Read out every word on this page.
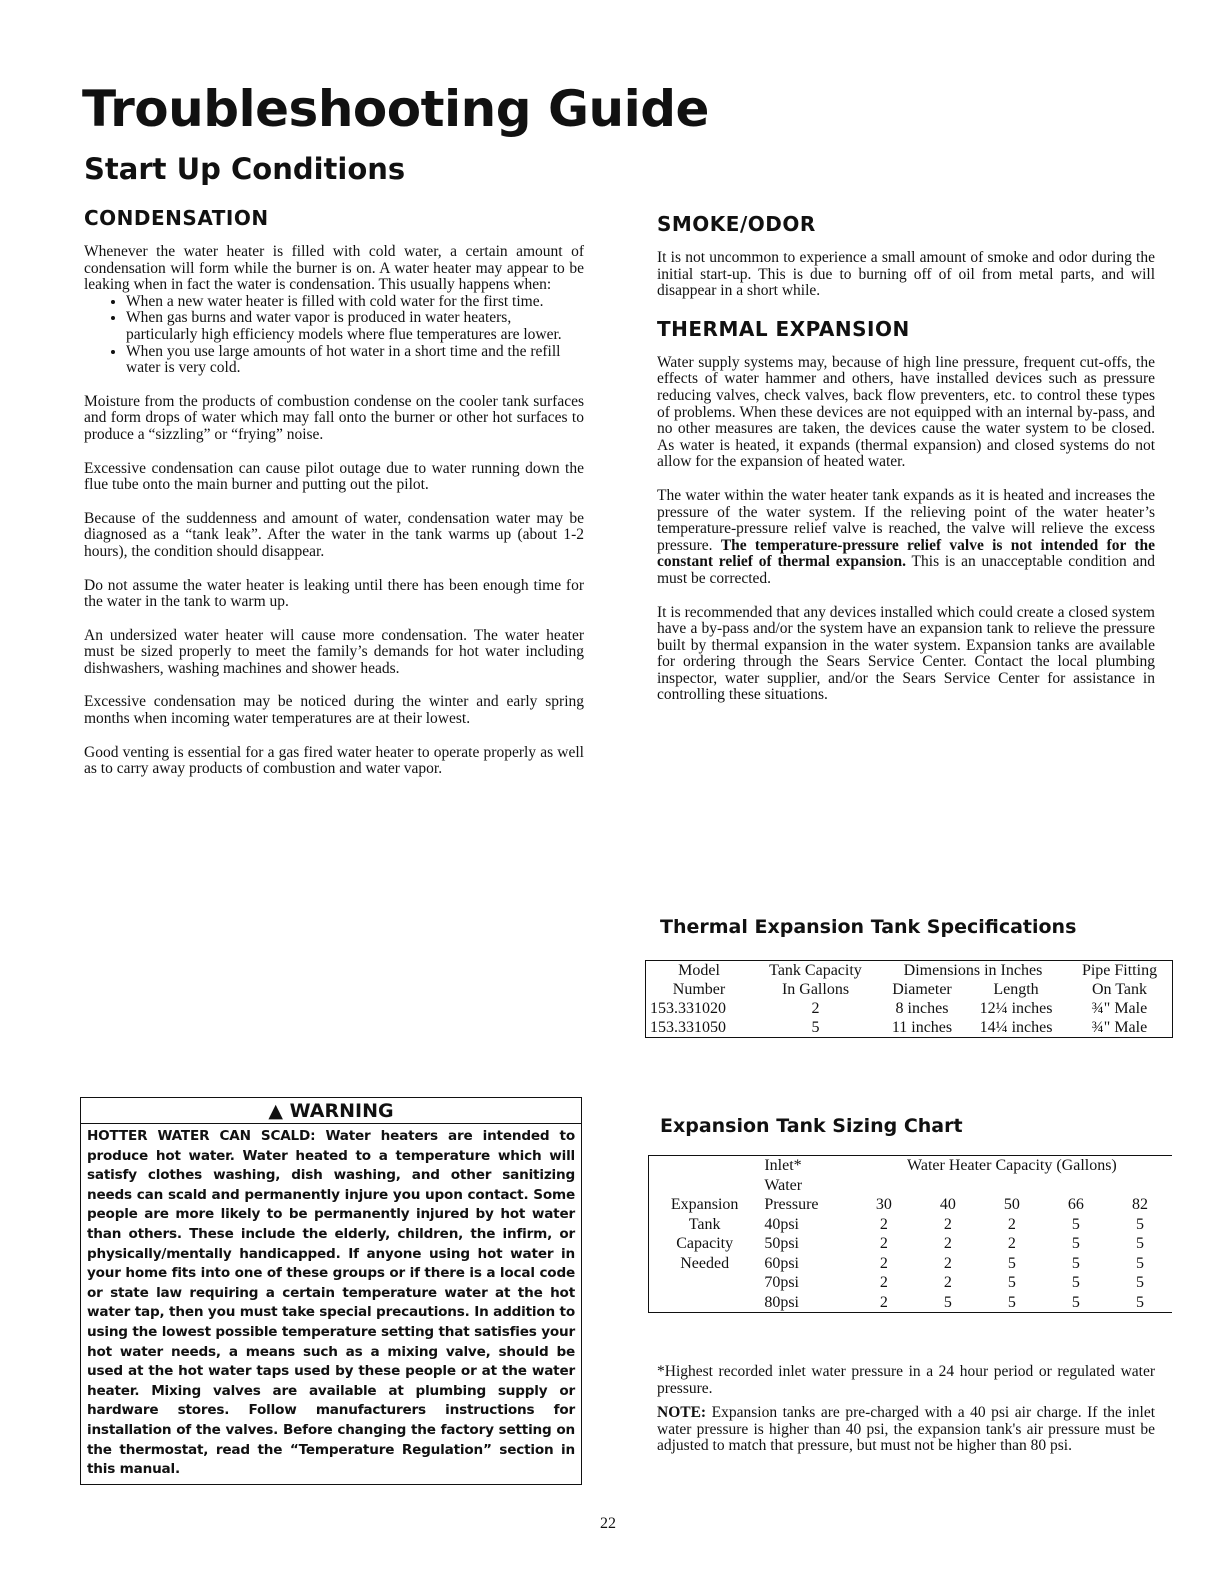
Troubleshooting Guide
Start Up Conditions
CONDENSATION

Whenever the water heater is filled with cold water, a certain amount of condensation will form while the burner is on. A water heater may appear to be leaking when in fact the water is condensation. This usually happens when:

• When a new water heater is filled with cold water for the first time.
• When gas burns and water vapor is produced in water heaters, particularly high efficiency models where flue temperatures are lower.
• When you use large amounts of hot water in a short time and the refill water is very cold.

Moisture from the products of combustion condense on the cooler tank surfaces and form drops of water which may fall onto the burner or other hot surfaces to produce a “sizzling” or “frying” noise.

Excessive condensation can cause pilot outage due to water running down the flue tube onto the main burner and putting out the pilot.

Because of the suddenness and amount of water, condensation water may be diagnosed as a “tank leak”. After the water in the tank warms up (about 1-2 hours), the condition should disappear.

Do not assume the water heater is leaking until there has been enough time for the water in the tank to warm up.

An undersized water heater will cause more condensation. The water heater must be sized properly to meet the family’s demands for hot water including dishwashers, washing machines and shower heads.

Excessive condensation may be noticed during the winter and early spring months when incoming water temperatures are at their lowest.

Good venting is essential for a gas fired water heater to operate properly as well as to carry away products of combustion and water vapor.

▲ WARNING
HOTTER WATER CAN SCALD: Water heaters are intended to produce hot water. Water heated to a temperature which will satisfy clothes washing, dish washing, and other sanitizing needs can scald and permanently injure you upon contact. Some people are more likely to be permanently injured by hot water than others. These include the elderly, children, the infirm, or physically/mentally handicapped. If anyone using hot water in your home fits into one of these groups or if there is a local code or state law requiring a certain temperature water at the hot water tap, then you must take special precautions. In addition to using the lowest possible temperature setting that satisfies your hot water needs, a means such as a mixing valve, should be used at the hot water taps used by these people or at the water heater. Mixing valves are available at plumbing supply or hardware stores. Follow manufacturers instructions for installation of the valves. Before changing the factory setting on the thermostat, read the “Temperature Regulation” section in this manual.
SMOKE/ODOR

It is not uncommon to experience a small amount of smoke and odor during the initial start-up. This is due to burning off of oil from metal parts, and will disappear in a short while.

THERMAL EXPANSION

Water supply systems may, because of high line pressure, frequent cut-offs, the effects of water hammer and others, have installed devices such as pressure reducing valves, check valves, back flow preventers, etc. to control these types of problems. When these devices are not equipped with an internal by-pass, and no other measures are taken, the devices cause the water system to be closed. As water is heated, it expands (thermal expansion) and closed systems do not allow for the expansion of heated water.

The water within the water heater tank expands as it is heated and increases the pressure of the water system. If the relieving point of the water heater’s temperature-pressure relief valve is reached, the valve will relieve the excess pressure. The temperature-pressure relief valve is not intended for the constant relief of thermal expansion. This is an unacceptable condition and must be corrected.

It is recommended that any devices installed which could create a closed system have a by-pass and/or the system have an expansion tank to relieve the pressure built by thermal expansion in the water system. Expansion tanks are available for ordering through the Sears Service Center. Contact the local plumbing inspector, water supplier, and/or the Sears Service Center for assistance in controlling these situations.

Thermal Expansion Tank Specifications
Model	Tank Capacity	Dimensions in Inches		Pipe Fitting
Number	In Gallons	Diameter	Length	On Tank
153.331020	2	8 inches	12¼ inches	¾" Male
153.331050	5	11 inches	14¼ inches	¾" Male
Expansion Tank Sizing Chart
	Inlet*	Water Heater Capacity (Gallons)				
	Water					
Expansion	Pressure	30	40	50	66	82
Tank	40psi	2	2	2	5	5
Capacity	50psi	2	2	2	5	5
Needed	60psi	2	2	5	5	5
	70psi	2	2	5	5	5
	80psi	2	5	5	5	5

*Highest recorded inlet water pressure in a 24 hour period or regulated water pressure.

NOTE: Expansion tanks are pre-charged with a 40 psi air charge. If the inlet water pressure is higher than 40 psi, the expansion tank's air pressure must be adjusted to match that pressure, but must not be higher than 80 psi.

22
